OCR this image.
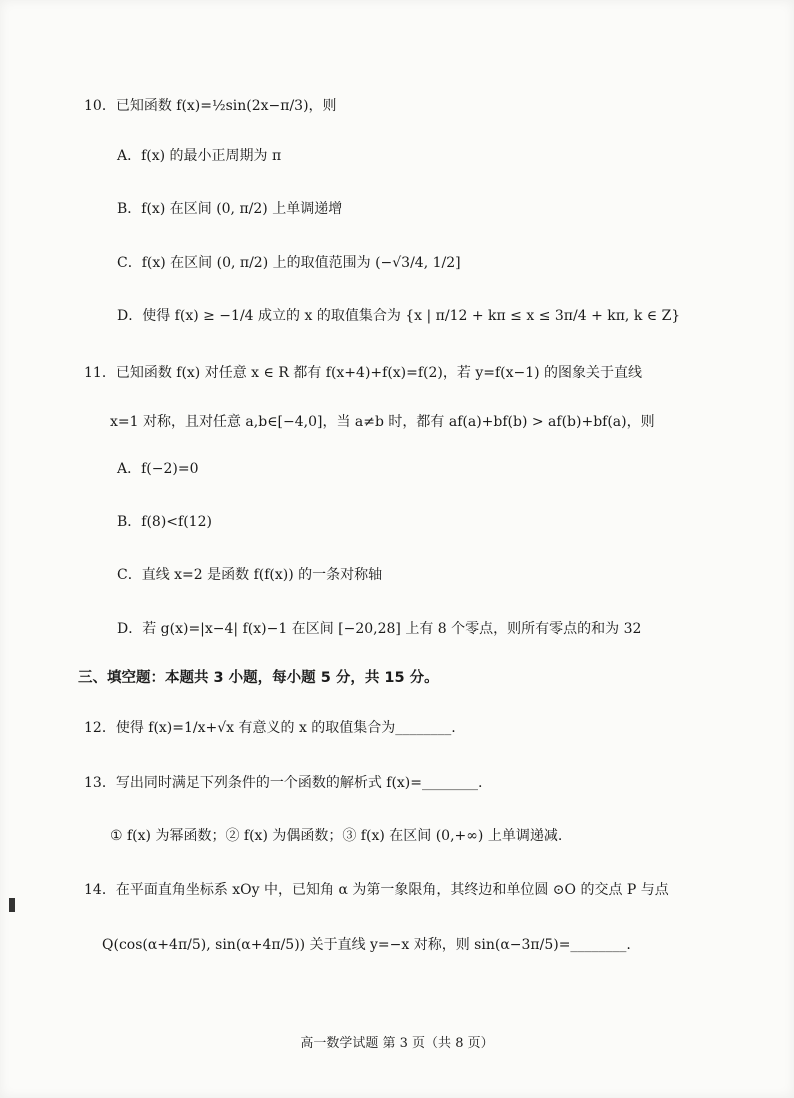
10．已知函数 f(x)=½sin(2x−π/3)，则
A．f(x) 的最小正周期为 π
B．f(x) 在区间 (0, π/2) 上单调递增
C．f(x) 在区间 (0, π/2) 上的取值范围为 (−√3/4, 1/2]
D．使得 f(x) ≥ −1/4 成立的 x 的取值集合为 {x | π/12 + kπ ≤ x ≤ 3π/4 + kπ, k ∈ Z}
11．已知函数 f(x) 对任意 x ∈ R 都有 f(x+4)+f(x)=f(2)，若 y=f(x−1) 的图象关于直线
x=1 对称，且对任意 a,b∈[−4,0]，当 a≠b 时，都有 af(a)+bf(b) > af(b)+bf(a)，则
A．f(−2)=0
B．f(8)<f(12)
C．直线 x=2 是函数 f(f(x)) 的一条对称轴
D．若 g(x)=|x−4| f(x)−1 在区间 [−20,28] 上有 8 个零点，则所有零点的和为 32
三、填空题：本题共 3 小题，每小题 5 分，共 15 分。
12．使得 f(x)=1/x+√x 有意义的 x 的取值集合为________.
13．写出同时满足下列条件的一个函数的解析式 f(x)=________.
① f(x) 为幂函数；② f(x) 为偶函数；③ f(x) 在区间 (0,+∞) 上单调递减.
14．在平面直角坐标系 xOy 中，已知角 α 为第一象限角，其终边和单位圆 ⊙O 的交点 P 与点
Q(cos(α+4π/5), sin(α+4π/5)) 关于直线 y=−x 对称，则 sin(α−3π/5)=________.
高一数学试题 第 3 页（共 8 页）
